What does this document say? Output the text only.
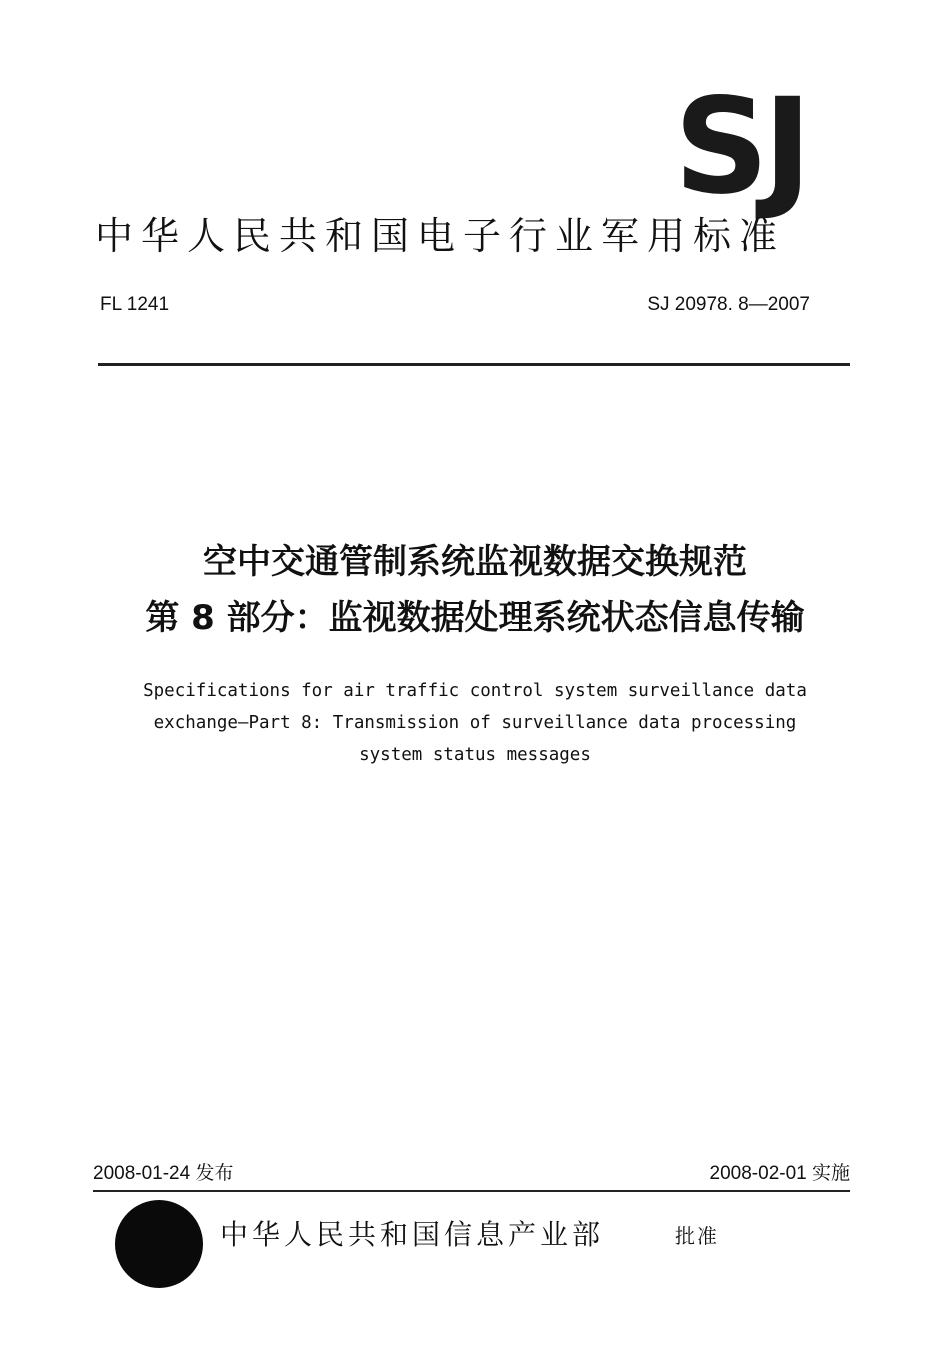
SJ
中华人民共和国电子行业军用标准
FL 1241	SJ 20978. 8—2007
空中交通管制系统监视数据交换规范
第 8 部分：监视数据处理系统状态信息传输
Specifications for air traffic control system surveillance data
exchange—Part 8: Transmission of surveillance data processing
system status messages
2008-01-24 发布	2008-02-01 实施
中华人民共和国信息产业部	批准
